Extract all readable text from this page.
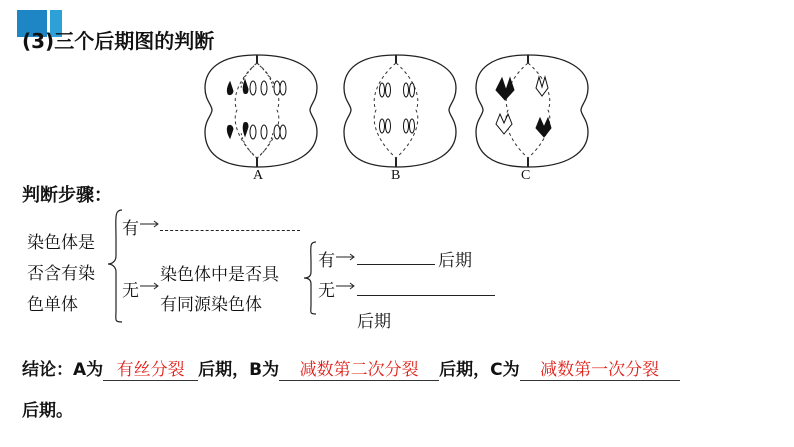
(3)三个后期图的判断
A	B	C
判断步骤：
染色体是
否含有染
色单体
有
无
染色体中是否具
有同源染色体
有	后期
无
后期
结论：A为 有丝分裂 后期，B为 减数第二次分裂 后期，C为 减数第一次分裂
后期。
